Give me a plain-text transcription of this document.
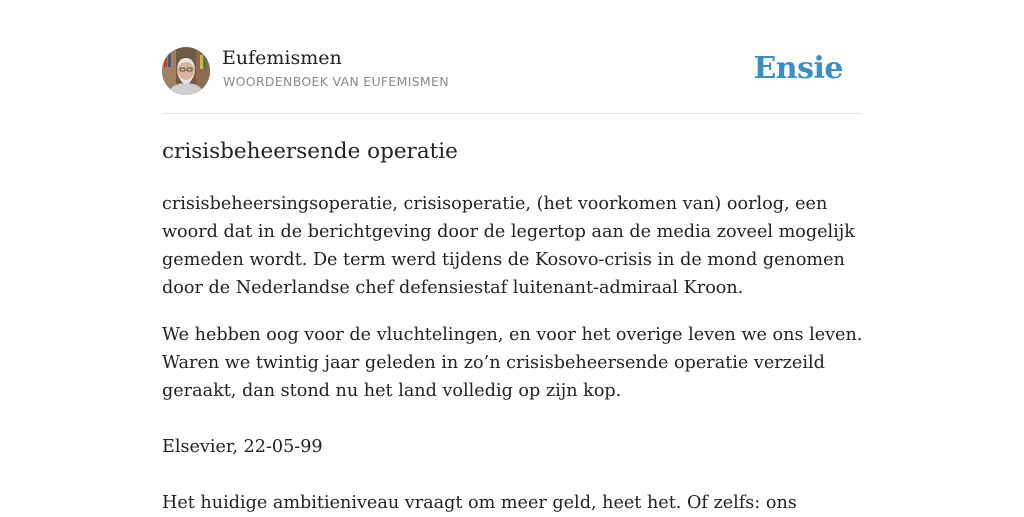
Eufemismen
WOORDENBOEK VAN EUFEMISMEN	Ensie
crisisbeheersende operatie

crisisbeheersingsoperatie, crisisoperatie, (het voorkomen van) oorlog, een woord dat in de berichtgeving door de legertop aan de media zoveel mogelijk gemeden wordt. De term werd tijdens de Kosovo-crisis in de mond genomen door de Nederlandse chef defensiestaf luitenant-admiraal Kroon.

We hebben oog voor de vluchtelingen, en voor het overige leven we ons leven. Waren we twintig jaar geleden in zo’n crisisbeheersende operatie verzeild geraakt, dan stond nu het land volledig op zijn kop.

Elsevier, 22-05-99

Het huidige ambitieniveau vraagt om meer geld, heet het. Of zelfs: ons
